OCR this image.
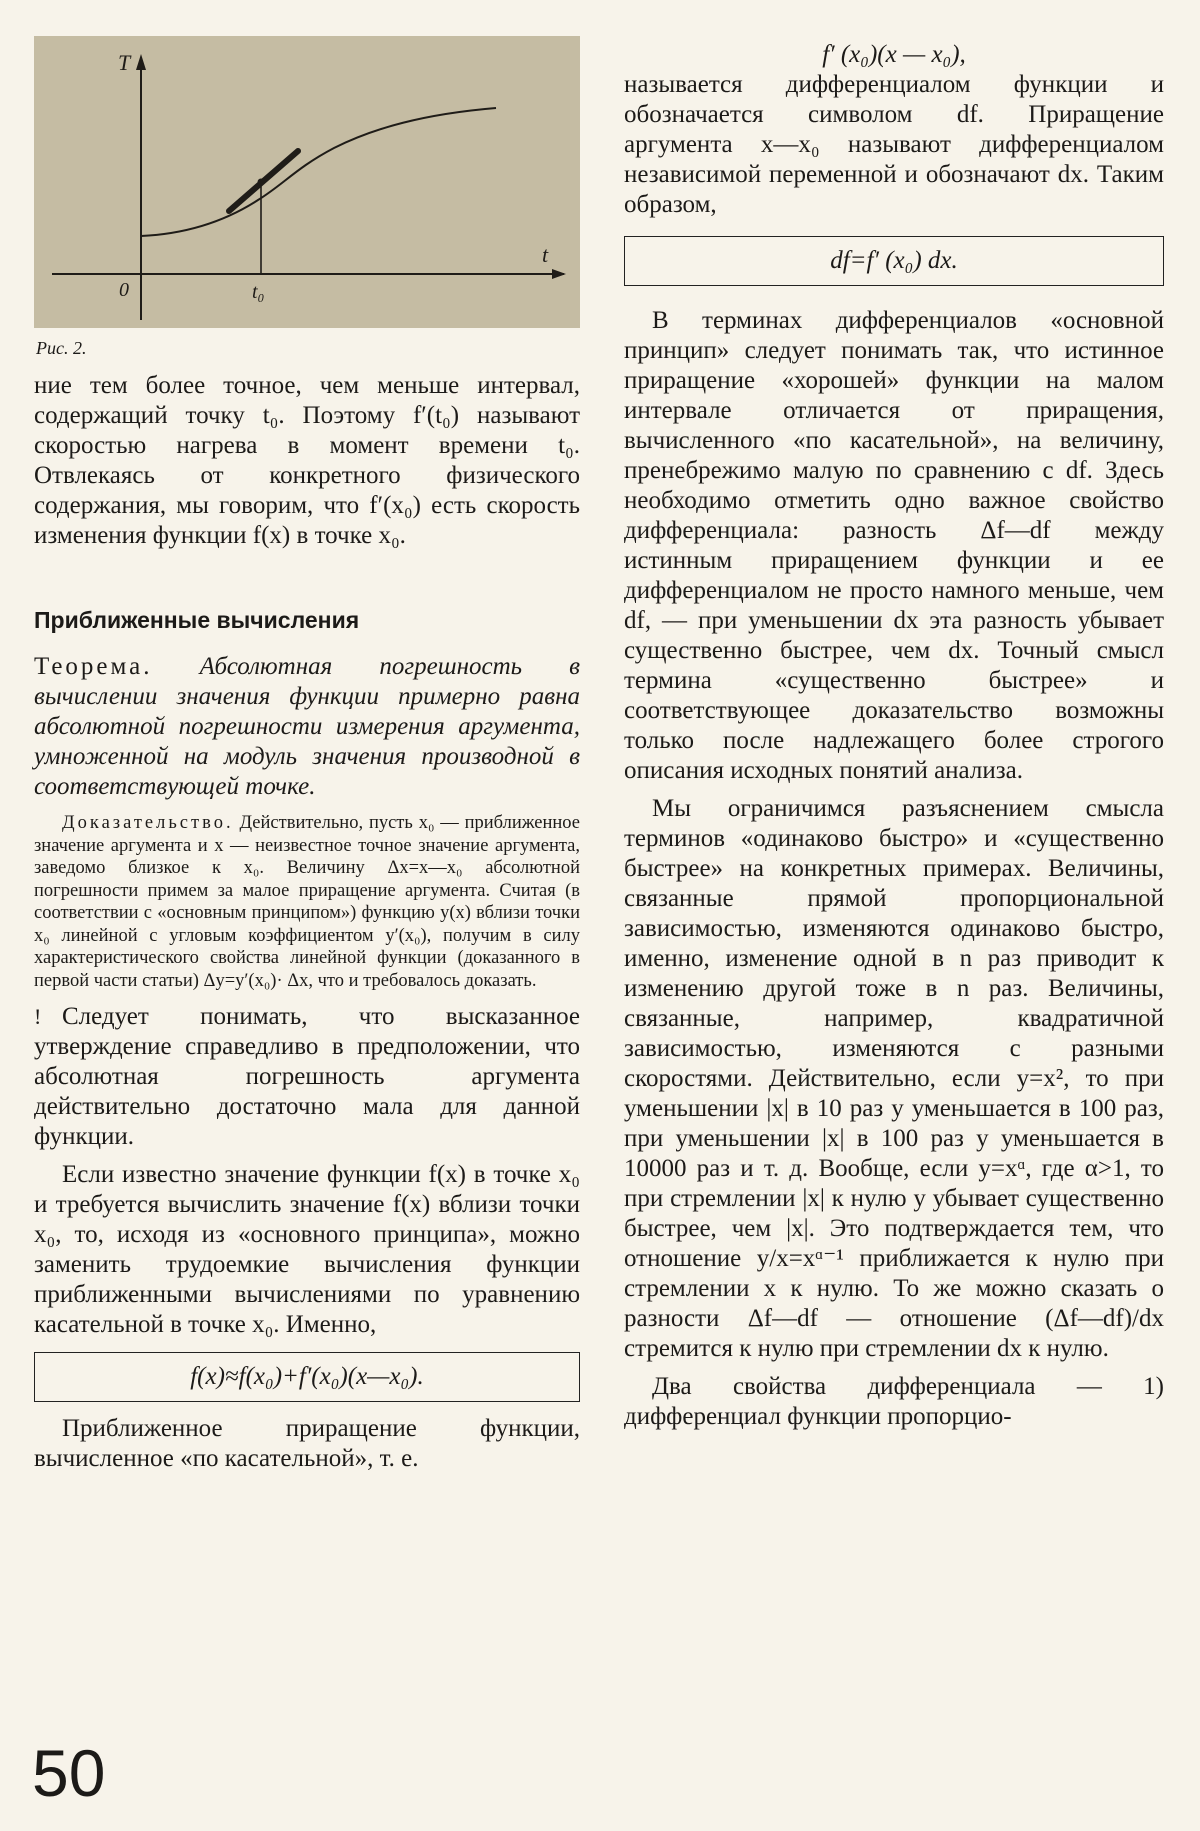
T
t
0	t₀
Рис. 2.

ние тем более точное, чем меньше интервал, содержащий точку t₀. Поэтому f′(t₀) называют скоростью нагрева в момент времени t₀. Отвлекаясь от конкретного физического содержания, мы говорим, что f′(x₀) есть скорость изменения функции f(x) в точке x₀.

Приближенные вычисления

Теорема. Абсолютная погрешность в вычислении значения функции примерно равна абсолютной погрешности измерения аргумента, умноженной на модуль значения производной в соответствующей точке.

Доказательство. Действительно, пусть x₀ — приближенное значение аргумента и x — неизвестное точное значение аргумента, заведомо близкое к x₀. Величину Δx=x—x₀ абсолютной погрешности примем за малое приращение аргумента. Считая (в соответствии с «основным принципом») функцию y(x) вблизи точки x₀ линейной с угловым коэффициентом y′(x₀), получим в силу характеристического свойства линейной функции (доказанного в первой части статьи) Δy=y′(x₀)· Δx, что и требовалось доказать.

! Следует понимать, что высказанное утверждение справедливо в предположении, что абсолютная погрешность аргумента действительно достаточно мала для данной функции.

Если известно значение функции f(x) в точке x₀ и требуется вычислить значение f(x) вблизи точки x₀, то, исходя из «основного принципа», можно заменить трудоемкие вычисления функции приближенными вычислениями по уравнению касательной в точке x₀. Именно,

f(x)≈f(x₀)+f′(x₀)(x—x₀).

Приближенное приращение функции, вычисленное «по касательной», т. е.

f′ (x₀)(x — x₀),

называется дифференциалом функции и обозначается символом df. Приращение аргумента x—x₀ называют дифференциалом независимой переменной и обозначают dx. Таким образом,

df=f′ (x₀) dx.

В терминах дифференциалов «основной принцип» следует понимать так, что истинное приращение «хорошей» функции на малом интервале отличается от приращения, вычисленного «по касательной», на величину, пренебрежимо малую по сравнению с df. Здесь необходимо отметить одно важное свойство дифференциала: разность Δf—df между истинным приращением функции и ее дифференциалом не просто намного меньше, чем df, — при уменьшении dx эта разность убывает существенно быстрее, чем dx. Точный смысл термина «существенно быстрее» и соответствующее доказательство возможны только после надлежащего более строгого описания исходных понятий анализа.

Мы ограничимся разъяснением смысла терминов «одинаково быстро» и «существенно быстрее» на конкретных примерах. Величины, связанные прямой пропорциональной зависимостью, изменяются одинаково быстро, именно, изменение одной в n раз приводит к изменению другой тоже в n раз. Величины, связанные, например, квадратичной зависимостью, изменяются с разными скоростями. Действительно, если y=x², то при уменьшении |x| в 10 раз y уменьшается в 100 раз, при уменьшении |x| в 100 раз y уменьшается в 10000 раз и т. д. Вообще, если y=xᵅ, где α>1, то при стремлении |x| к нулю y убывает существенно быстрее, чем |x|. Это подтверждается тем, что отношение y/x=xᵅ⁻¹ приближается к нулю при стремлении x к нулю. То же можно сказать о разности Δf—df — отношение (Δf—df)/dx стремится к нулю при стремлении dx к нулю.

Два свойства дифференциала — 1) дифференциал функции пропорцио-

50
